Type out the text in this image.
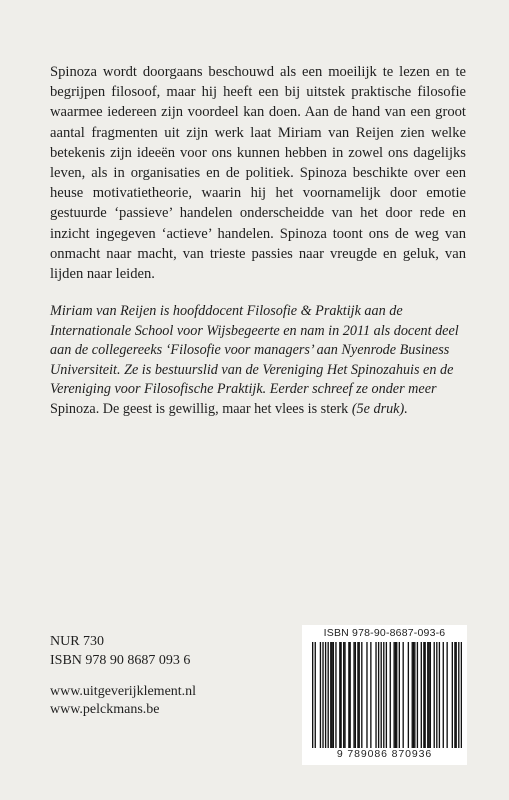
Spinoza wordt doorgaans beschouwd als een moeilijk te lezen en te begrijpen filosoof, maar hij heeft een bij uitstek praktische filosofie waarmee iedereen zijn voordeel kan doen. Aan de hand van een groot aantal fragmenten uit zijn werk laat Miriam van Reijen zien welke betekenis zijn ideeën voor ons kunnen hebben in zowel ons dagelijks leven, als in organisaties en de politiek. Spinoza beschikte over een heuse motivatietheorie, waarin hij het voornamelijk door emotie gestuurde ‘passieve’ handelen onderscheidde van het door rede en inzicht ingegeven ‘actieve’ handelen. Spinoza toont ons de weg van onmacht naar macht, van trieste passies naar vreugde en geluk, van lijden naar leiden.

Miriam van Reijen is hoofddocent Filosofie & Praktijk aan de Internationale School voor Wijsbegeerte en nam in 2011 als docent deel aan de collegereeks ‘Filosofie voor managers’ aan Nyenrode Business Universiteit. Ze is bestuurslid van de Vereniging Het Spinozahuis en de Vereniging voor Filosofische Praktijk. Eerder schreef ze onder meer Spinoza. De geest is gewillig, maar het vlees is sterk (5e druk).

NUR 730
ISBN 978 90 8687 093 6
www.uitgeverijklement.nl
www.pelckmans.be
ISBN 978-90-8687-093-6
9 789086 870936
